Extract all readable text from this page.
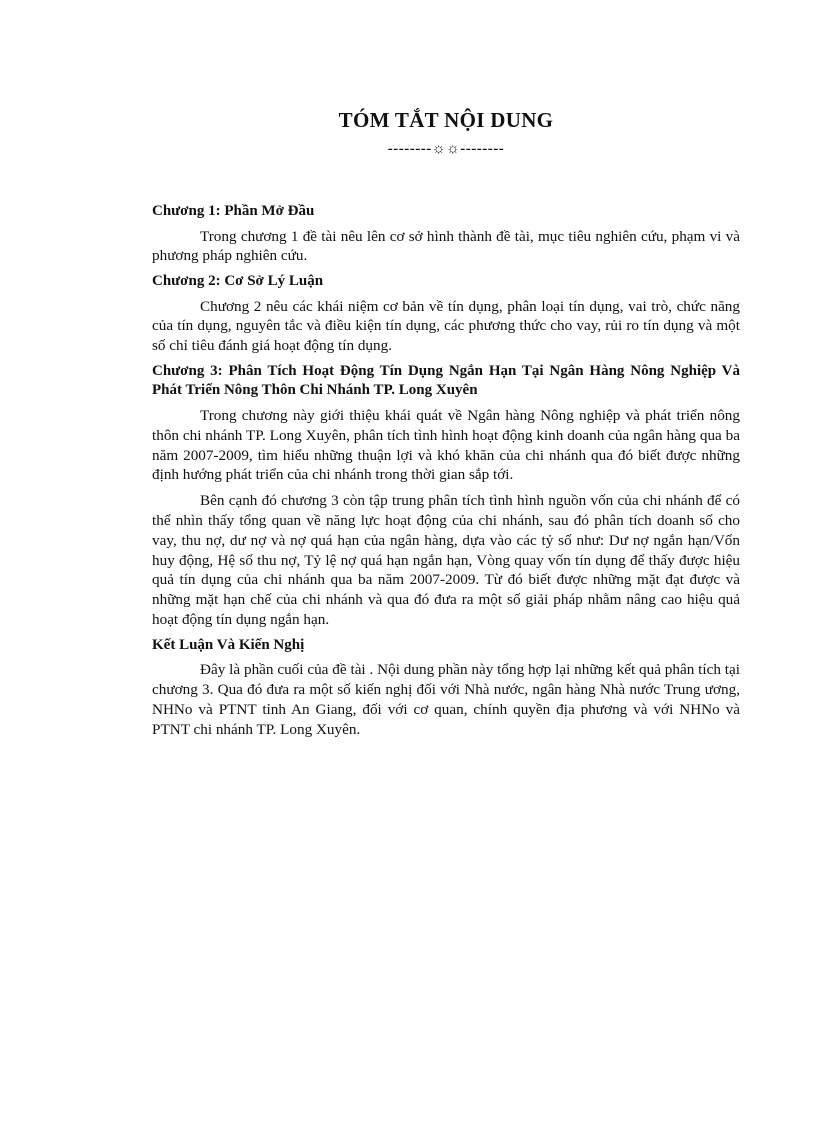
TÓM TẮT NỘI DUNG
--------☼☼--------
Chương 1: Phần Mở Đầu

Trong chương 1 đề tài nêu lên cơ sở hình thành đề tài, mục tiêu nghiên cứu, phạm vi và phương pháp nghiên cứu.

Chương 2: Cơ Sở Lý Luận

Chương 2 nêu các khái niệm cơ bản về tín dụng, phân loại tín dụng, vai trò, chức năng của tín dụng, nguyên tắc và điều kiện tín dụng, các phương thức cho vay, rủi ro tín dụng và một số chỉ tiêu đánh giá hoạt động tín dụng.

Chương 3: Phân Tích Hoạt Động Tín Dụng Ngắn Hạn Tại Ngân Hàng Nông Nghiệp Và Phát Triển Nông Thôn Chi Nhánh TP. Long Xuyên

Trong chương này giới thiệu khái quát về Ngân hàng Nông nghiệp và phát triển nông thôn chi nhánh TP. Long Xuyên, phân tích tình hình hoạt động kinh doanh của ngân hàng qua ba năm 2007-2009, tìm hiểu những thuận lợi và khó khăn của chi nhánh qua đó biết được những định hướng phát triển của chi nhánh trong thời gian sắp tới.

Bên cạnh đó chương 3 còn tập trung phân tích tình hình nguồn vốn của chi nhánh để có thể nhìn thấy tổng quan về năng lực hoạt động của chi nhánh, sau đó phân tích doanh số cho vay, thu nợ, dư nợ và nợ quá hạn của ngân hàng, dựa vào các tỷ số như: Dư nợ ngắn hạn/Vốn huy động, Hệ số thu nợ, Tỷ lệ nợ quá hạn ngắn hạn, Vòng quay vốn tín dụng để thấy được hiệu quả tín dụng của chi nhánh qua ba năm 2007-2009. Từ đó biết được những mặt đạt được và những mặt hạn chế của chi nhánh và qua đó đưa ra một số giải pháp nhằm nâng cao hiệu quả hoạt động tín dụng ngắn hạn.

Kết Luận Và Kiến Nghị

Đây là phần cuối của đề tài . Nội dung phần này tổng hợp lại những kết quả phân tích tại chương 3. Qua đó đưa ra một số kiến nghị đối với Nhà nước, ngân hàng Nhà nước Trung ương, NHNo và PTNT tỉnh An Giang, đối với cơ quan, chính quyền địa phương và với NHNo và PTNT chi nhánh TP. Long Xuyên.
